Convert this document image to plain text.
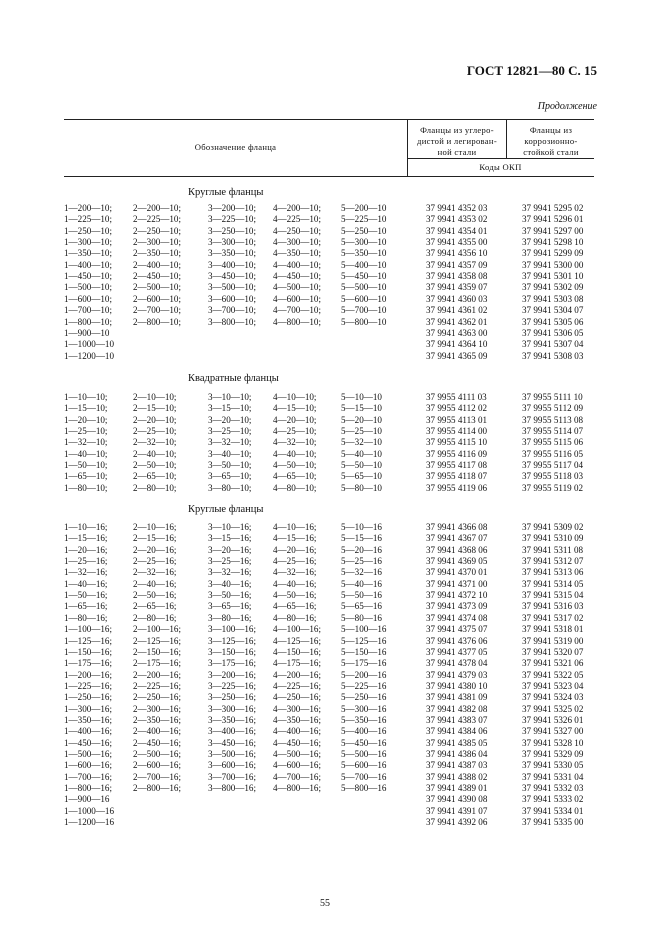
ГОСТ 12821—80 С. 15
Продолжение
Обозначение фланца
Фланцы из углеро-
дистой и легирован-
ной стали
Фланцы из
коррозионно-
стойкой стали
Коды ОКП
Круглые фланцы
1—200—10; 2—200—10;	3—200—10; 4—200—10; 5—200—10	37 9941 4352 03	37 9941 5295 02
1—225—10; 2—225—10;	3—225—10; 4—225—10; 5—225—10	37 9941 4353 02	37 9941 5296 01
1—250—10; 2—250—10;	3—250—10; 4—250—10; 5—250—10	37 9941 4354 01	37 9941 5297 00
1—300—10; 2—300—10;	3—300—10; 4—300—10; 5—300—10	37 9941 4355 00	37 9941 5298 10
1—350—10; 2—350—10;	3—350—10; 4—350—10; 5—350—10	37 9941 4356 10	37 9941 5299 09
1—400—10; 2—400—10;	3—400—10; 4—400—10; 5—400—10	37 9941 4357 09	37 9941 5300 00
1—450—10; 2—450—10;	3—450—10; 4—450—10; 5—450—10	37 9941 4358 08	37 9941 5301 10
1—500—10; 2—500—10;	3—500—10; 4—500—10; 5—500—10	37 9941 4359 07	37 9941 5302 09
1—600—10; 2—600—10;	3—600—10; 4—600—10; 5—600—10	37 9941 4360 03	37 9941 5303 08
1—700—10; 2—700—10;	3—700—10; 4—700—10; 5—700—10	37 9941 4361 02	37 9941 5304 07
1—800—10; 2—800—10;	3—800—10; 4—800—10; 5—800—10	37 9941 4362 01	37 9941 5305 06
1—900—10	37 9941 4363 00	37 9941 5306 05
1—1000—10	37 9941 4364 10	37 9941 5307 04
1—1200—10	37 9941 4365 09	37 9941 5308 03
Квадратные фланцы
1—10—10;	2—10—10;	3—10—10; 4—10—10;	5—10—10	37 9955 4111 03	37 9955 5111 10
1—15—10;	2—15—10;	3—15—10; 4—15—10;	5—15—10	37 9955 4112 02	37 9955 5112 09
1—20—10;	2—20—10;	3—20—10; 4—20—10;	5—20—10	37 9955 4113 01	37 9955 5113 08
1—25—10;	2—25—10;	3—25—10; 4—25—10;	5—25—10	37 9955 4114 00	37 9955 5114 07
1—32—10;	2—32—10;	3—32—10; 4—32—10;	5—32—10	37 9955 4115 10	37 9955 5115 06
1—40—10;	2—40—10;	3—40—10; 4—40—10;	5—40—10	37 9955 4116 09	37 9955 5116 05
1—50—10;	2—50—10;	3—50—10; 4—50—10;	5—50—10	37 9955 4117 08	37 9955 5117 04
1—65—10;	2—65—10;	3—65—10; 4—65—10;	5—65—10	37 9955 4118 07	37 9955 5118 03
1—80—10;	2—80—10;	3—80—10; 4—80—10;	5—80—10	37 9955 4119 06	37 9955 5119 02
Круглые фланцы
1—10—16;	2—10—16;	3—10—16; 4—10—16;	5—10—16	37 9941 4366 08	37 9941 5309 02
1—15—16;	2—15—16;	3—15—16; 4—15—16;	5—15—16	37 9941 4367 07	37 9941 5310 09
1—20—16;	2—20—16;	3—20—16; 4—20—16;	5—20—16	37 9941 4368 06	37 9941 5311 08
1—25—16;	2—25—16;	3—25—16; 4—25—16;	5—25—16	37 9941 4369 05	37 9941 5312 07
1—32—16;	2—32—16;	3—32—16; 4—32—16;	5—32—16	37 9941 4370 01	37 9941 5313 06
1—40—16;	2—40—16;	3—40—16; 4—40—16;	5—40—16	37 9941 4371 00	37 9941 5314 05
1—50—16;	2—50—16;	3—50—16; 4—50—16;	5—50—16	37 9941 4372 10	37 9941 5315 04
1—65—16;	2—65—16;	3—65—16; 4—65—16;	5—65—16	37 9941 4373 09	37 9941 5316 03
1—80—16;	2—80—16;	3—80—16; 4—80—16;	5—80—16	37 9941 4374 08	37 9941 5317 02
1—100—16; 2—100—16;	3—100—16; 4—100—16; 5—100—16	37 9941 4375 07	37 9941 5318 01
1—125—16; 2—125—16;	3—125—16; 4—125—16; 5—125—16	37 9941 4376 06	37 9941 5319 00
1—150—16; 2—150—16;	3—150—16; 4—150—16; 5—150—16	37 9941 4377 05	37 9941 5320 07
1—175—16; 2—175—16;	3—175—16; 4—175—16; 5—175—16	37 9941 4378 04	37 9941 5321 06
1—200—16; 2—200—16;	3—200—16; 4—200—16; 5—200—16	37 9941 4379 03	37 9941 5322 05
1—225—16; 2—225—16;	3—225—16; 4—225—16; 5—225—16	37 9941 4380 10	37 9941 5323 04
1—250—16; 2—250—16;	3—250—16; 4—250—16; 5—250—16	37 9941 4381 09	37 9941 5324 03
1—300—16; 2—300—16;	3—300—16; 4—300—16; 5—300—16	37 9941 4382 08	37 9941 5325 02
1—350—16; 2—350—16;	3—350—16; 4—350—16; 5—350—16	37 9941 4383 07	37 9941 5326 01
1—400—16; 2—400—16;	3—400—16; 4—400—16; 5—400—16	37 9941 4384 06	37 9941 5327 00
1—450—16; 2—450—16;	3—450—16; 4—450—16; 5—450—16	37 9941 4385 05	37 9941 5328 10
1—500—16; 2—500—16;	3—500—16; 4—500—16; 5—500—16	37 9941 4386 04	37 9941 5329 09
1—600—16; 2—600—16;	3—600—16; 4—600—16; 5—600—16	37 9941 4387 03	37 9941 5330 05
1—700—16; 2—700—16;	3—700—16; 4—700—16; 5—700—16	37 9941 4388 02	37 9941 5331 04
1—800—16; 2—800—16;	3—800—16; 4—800—16; 5—800—16	37 9941 4389 01	37 9941 5332 03
1—900—16	37 9941 4390 08	37 9941 5333 02
1—1000—16	37 9941 4391 07	37 9941 5334 01
1—1200—16	37 9941 4392 06	37 9941 5335 00
55
